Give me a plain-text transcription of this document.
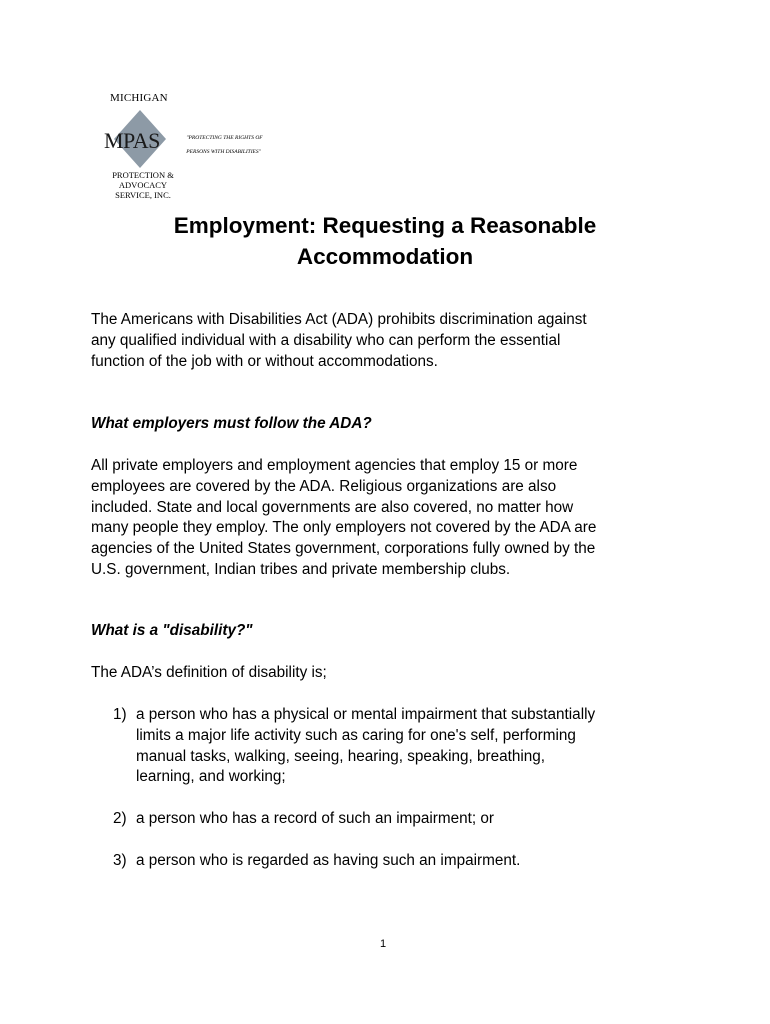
MICHIGAN
MPAS	"PROTECTING THE RIGHTS OF

PERSONS WITH DISABILITIES"

PROTECTION & ADVOCACY
SERVICE, INC.
Employment: Requesting a Reasonable
Accommodation
The Americans with Disabilities Act (ADA) prohibits discrimination against
any qualified individual with a disability who can perform the essential
function of the job with or without accommodations.
What employers must follow the ADA?
All private employers and employment agencies that employ 15 or more
employees are covered by the ADA. Religious organizations are also
included. State and local governments are also covered, no matter how
many people they employ. The only employers not covered by the ADA are
agencies of the United States government, corporations fully owned by the
U.S. government, Indian tribes and private membership clubs.
What is a "disability?"
The ADA’s definition of disability is;
1) a person who has a physical or mental impairment that substantially
limits a major life activity such as caring for one's self, performing
manual tasks, walking, seeing, hearing, speaking, breathing,
learning, and working;
2) a person who has a record of such an impairment; or
3) a person who is regarded as having such an impairment.
1
